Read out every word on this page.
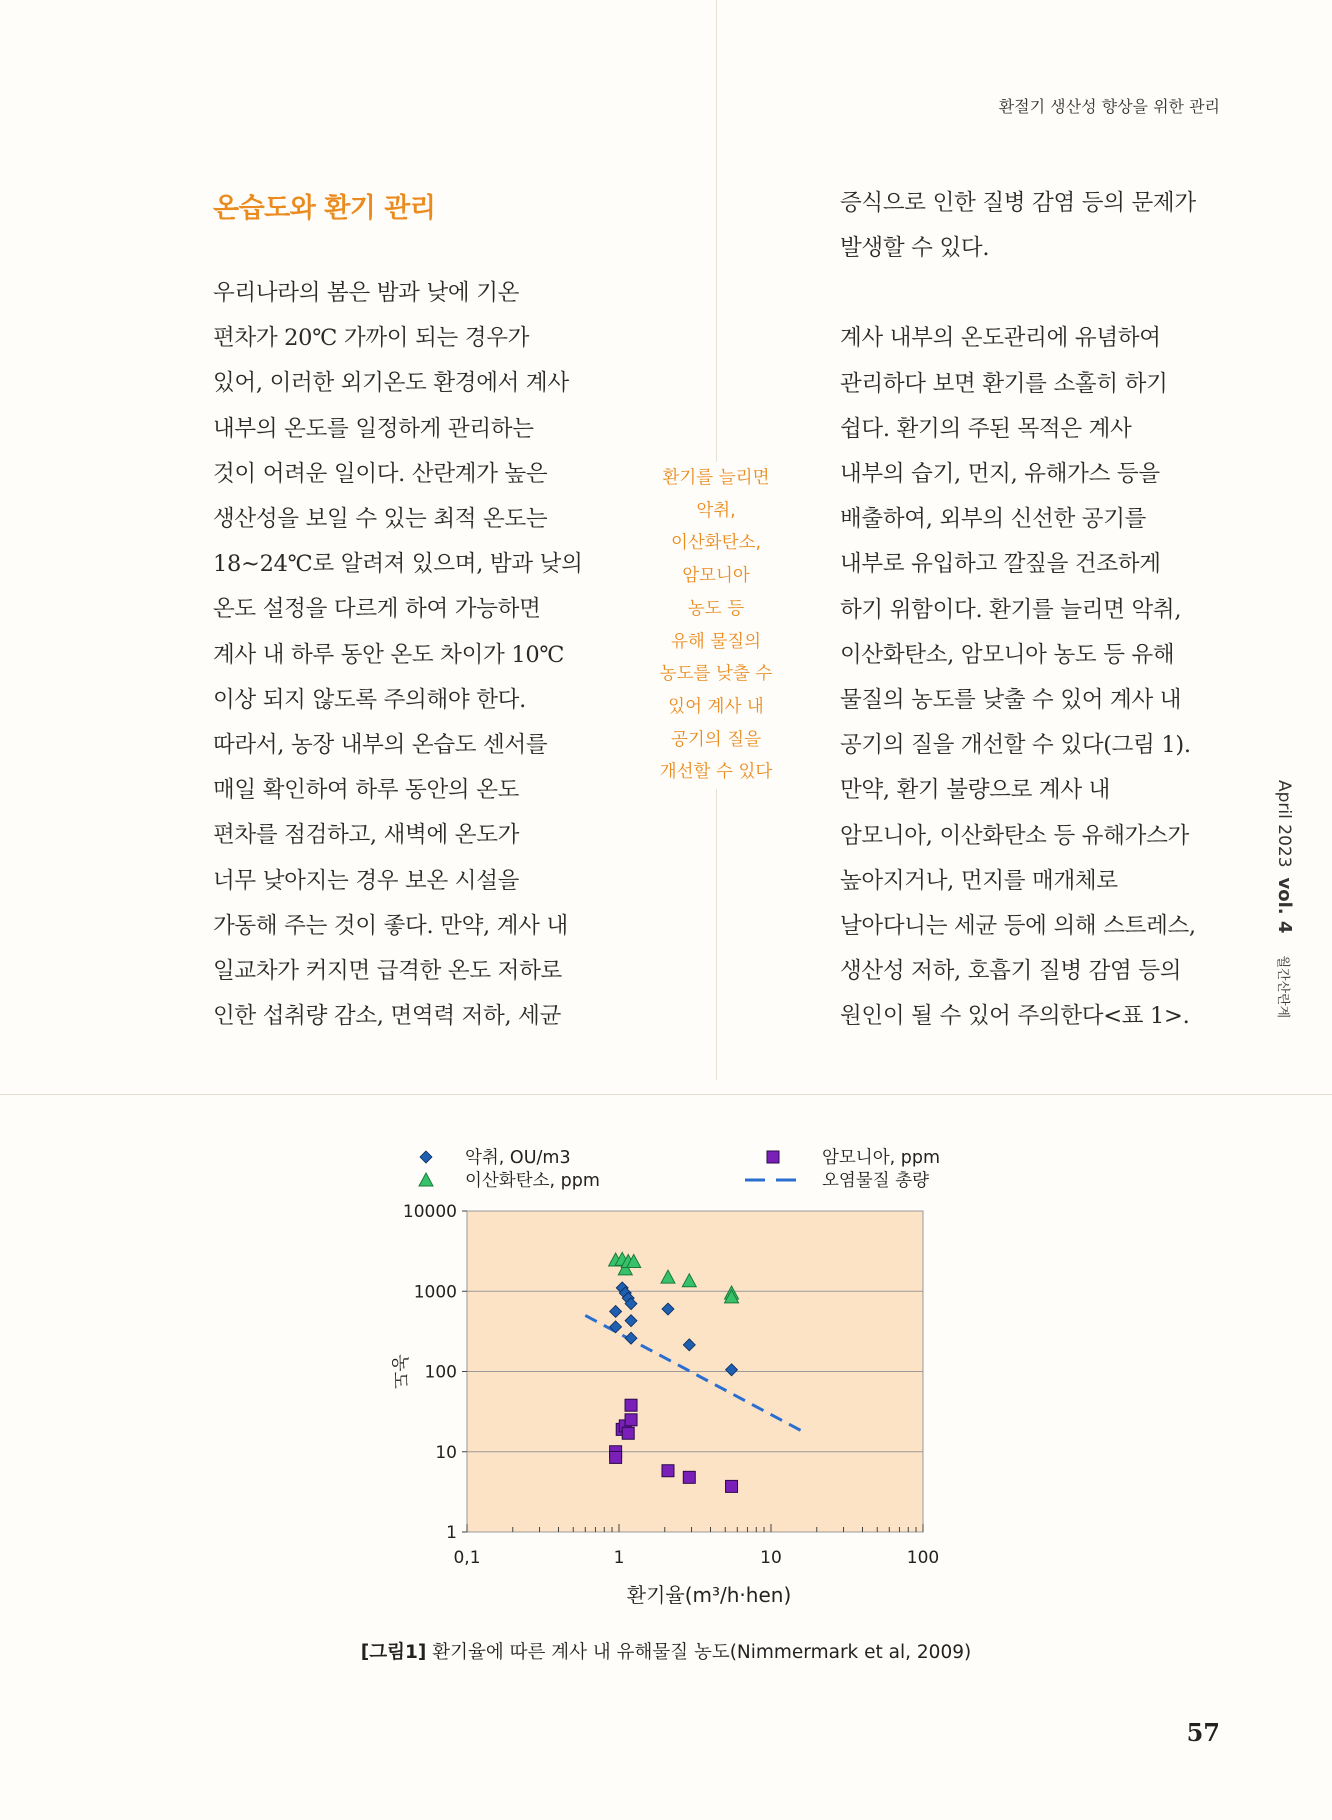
환절기 생산성 향상을 위한 관리
온습도와 환기 관리

우리나라의 봄은 밤과 낮에 기온

편차가 20℃ 가까이 되는 경우가

있어, 이러한 외기온도 환경에서 계사

내부의 온도를 일정하게 관리하는

것이 어려운 일이다. 산란계가 높은

생산성을 보일 수 있는 최적 온도는

18~24℃로 알려져 있으며, 밤과 낮의

온도 설정을 다르게 하여 가능하면

계사 내 하루 동안 온도 차이가 10℃

이상 되지 않도록 주의해야 한다.

따라서, 농장 내부의 온습도 센서를

매일 확인하여 하루 동안의 온도

편차를 점검하고, 새벽에 온도가

너무 낮아지는 경우 보온 시설을

가동해 주는 것이 좋다. 만약, 계사 내

일교차가 커지면 급격한 온도 저하로

인한 섭취량 감소, 면역력 저하, 세균

증식으로 인한 질병 감염 등의 문제가

발생할 수 있다.

계사 내부의 온도관리에 유념하여

관리하다 보면 환기를 소홀히 하기

쉽다. 환기의 주된 목적은 계사

내부의 습기, 먼지, 유해가스 등을

배출하여, 외부의 신선한 공기를

내부로 유입하고 깔짚을 건조하게

하기 위함이다. 환기를 늘리면 악취,

이산화탄소, 암모니아 농도 등 유해

물질의 농도를 낮출 수 있어 계사 내

공기의 질을 개선할 수 있다(그림 1).

만약, 환기 불량으로 계사 내

암모니아, 이산화탄소 등 유해가스가

높아지거나, 먼지를 매개체로

날아다니는 세균 등에 의해 스트레스,

생산성 저하, 호흡기 질병 감염 등의

원인이 될 수 있어 주의한다<표 1>.

환기를 늘리면

악취,

이산화탄소,

암모니아

농도 등

유해 물질의

농도를 낮출 수

있어 계사 내

공기의 질을

개선할 수 있다

April 2023vol. 4월간산란계
0,1	1	10	100
1
10
100
1000
10000
환기율(m³/h·hen)
농도
악취, OU/m3
이산화탄소, ppm
암모니아, ppm
오염물질 총량
[그림1] 환기율에 따른 계사 내 유해물질 농도(Nimmermark et al, 2009)
57
